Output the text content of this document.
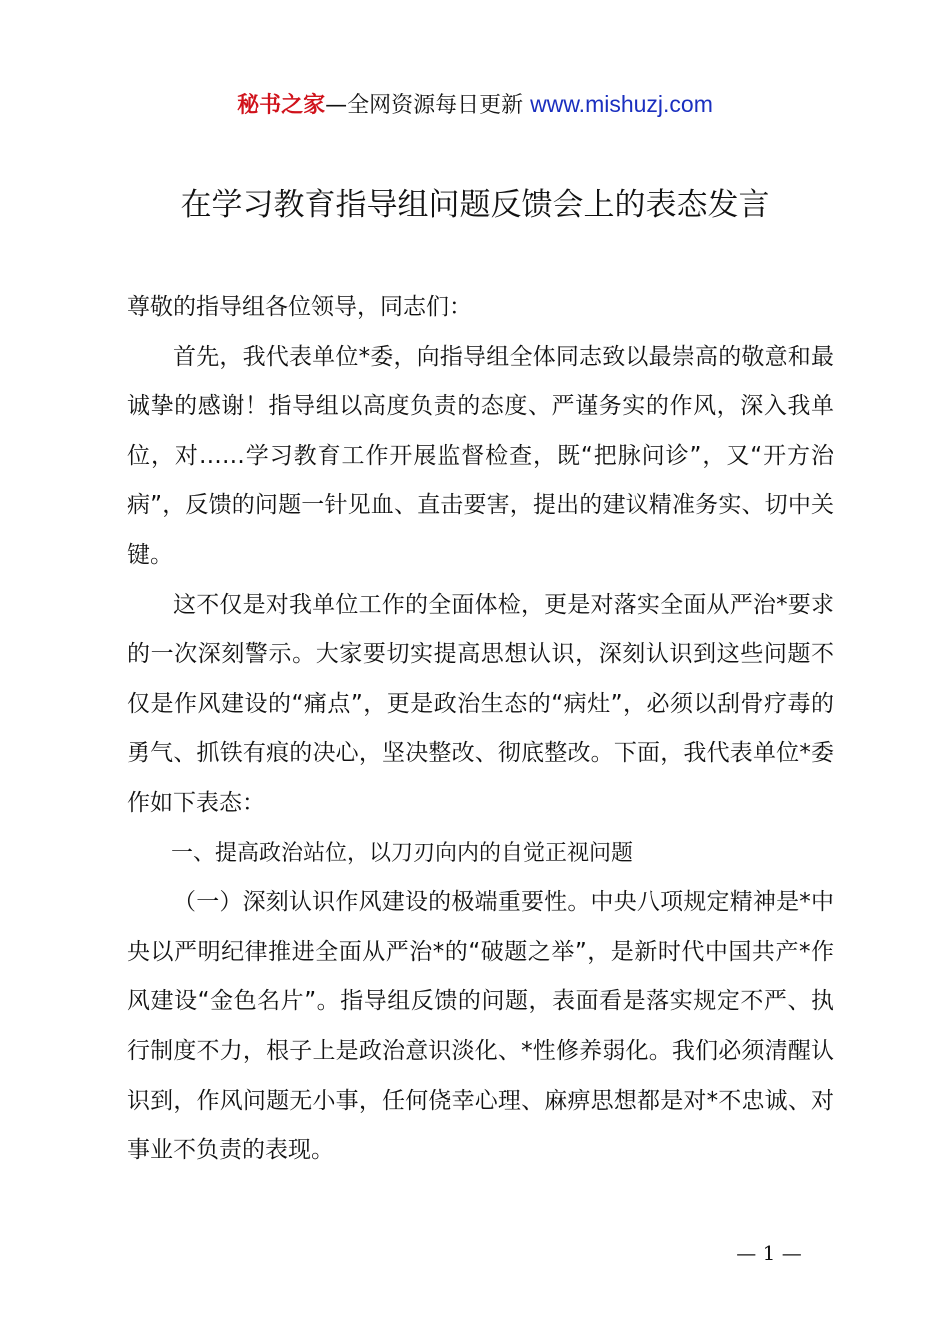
秘书之家—全网资源每日更新 www.mishuzj.com
在学习教育指导组问题反馈会上的表态发言

尊敬的指导组各位领导，同志们：

首先，我代表单位*委，向指导组全体同志致以最崇高的敬意和最诚挚的感谢！指导组以高度负责的态度、严谨务实的作风，深入我单位，对……学习教育工作开展监督检查，既“把脉问诊”，又“开方治病”，反馈的问题一针见血、直击要害，提出的建议精准务实、切中关键。

这不仅是对我单位工作的全面体检，更是对落实全面从严治*要求的一次深刻警示。大家要切实提高思想认识，深刻认识到这些问题不仅是作风建设的“痛点”，更是政治生态的“病灶”，必须以刮骨疗毒的勇气、抓铁有痕的决心，坚决整改、彻底整改。下面，我代表单位*委作如下表态：

一、提高政治站位，以刀刃向内的自觉正视问题

（一）深刻认识作风建设的极端重要性。中央八项规定精神是*中央以严明纪律推进全面从严治*的“破题之举”，是新时代中国共产*作风建设“金色名片”。指导组反馈的问题，表面看是落实规定不严、执行制度不力，根子上是政治意识淡化、*性修养弱化。我们必须清醒认识到，作风问题无小事，任何侥幸心理、麻痹思想都是对*不忠诚、对事业不负责的表现。

— 1 —
